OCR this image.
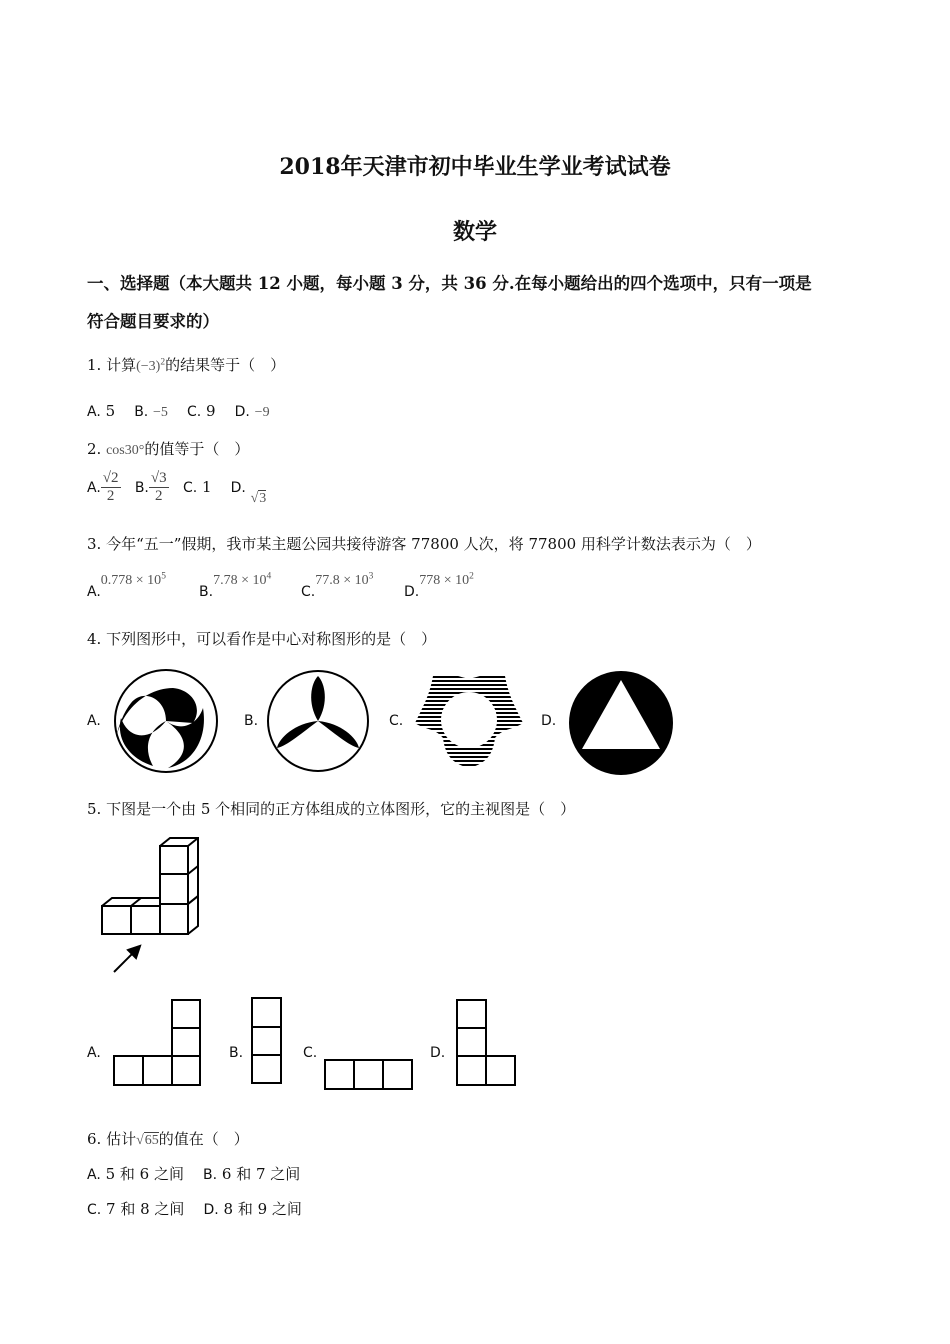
2018年天津市初中毕业生学业考试试卷
数学
一、选择题（本大题共 12 小题，每小题 3 分，共 36 分.在每小题给出的四个选项中，只有一项是
符合题目要求的）
1. 计算$(-3)^2$的结果等于（　）
A. 5 B. −5 C. 9 D. −9
2. cos30°的值等于（　）
A. $\frac{√2}{2} B$. $\frac{√3}{2} C$. 1 D. √3
3. 今年“五一”假期，我市某主题公园共接待游客 77800 人次，将 77800 用科学计数法表示为（　）
$A.0.778 \times 10^5$
$B.7.78 \times 10^4$
$C.77.8 \times 10^3$
$D.778 \times 10^2$
4. 下列图形中，可以看作是中心对称图形的是（　）
A.	B.	C.	D.
5. 下图是一个由 5 个相同的正方体组成的立体图形，它的主视图是（　）
A.	B.	C.	D.
6. 估计√65的值在（　）
A. 5 和 6 之间 B. 6 和 7 之间
C. 7 和 8 之间 D. 8 和 9 之间
